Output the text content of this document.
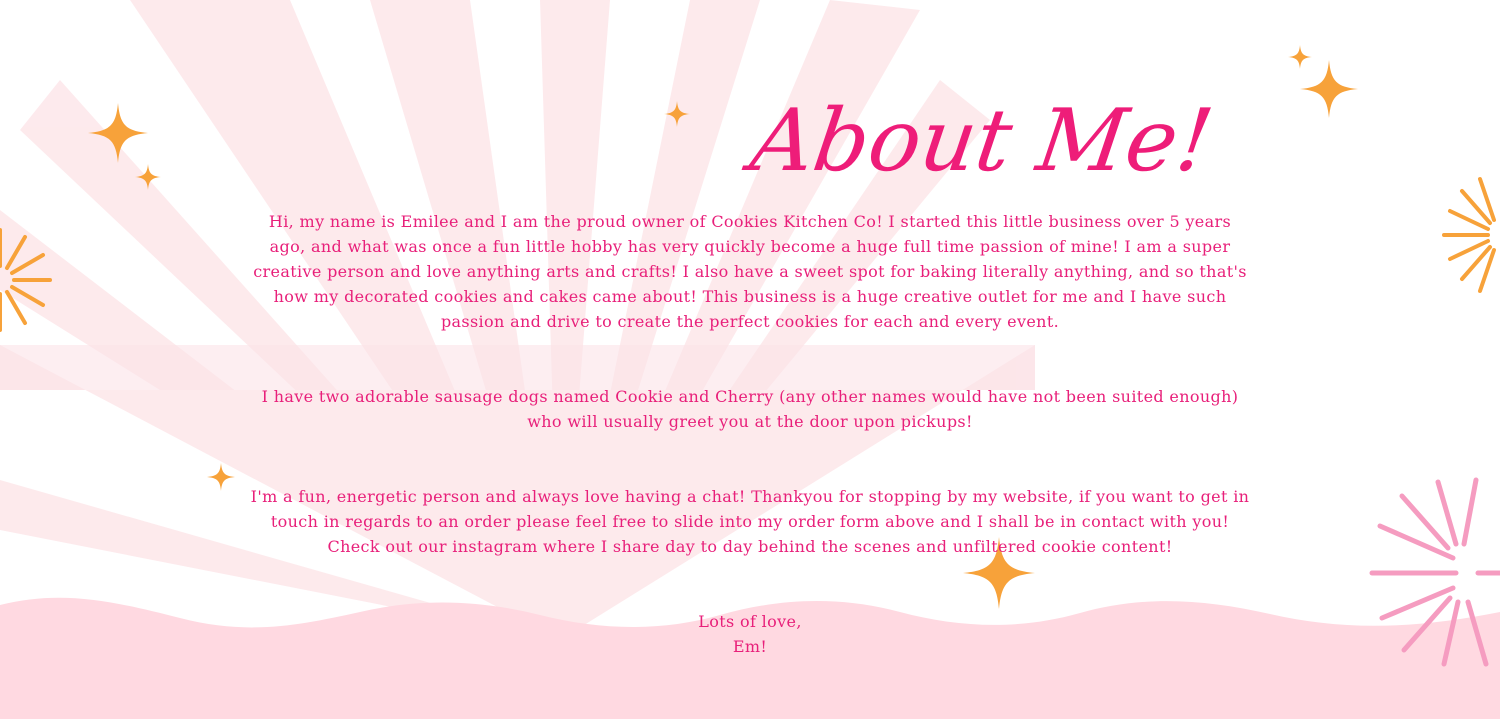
About Me!

Hi, my name is Emilee and I am the proud owner of Cookies Kitchen Co! I started this little business over 5 years ago, and what was once a fun little hobby has very quickly become a huge full time passion of mine! I am a super creative person and love anything arts and crafts! I also have a sweet spot for baking literally anything, and so that's how my decorated cookies and cakes came about! This business is a huge creative outlet for me and I have such passion and drive to create the perfect cookies for each and every event.

I have two adorable sausage dogs named Cookie and Cherry (any other names would have not been suited enough) who will usually greet you at the door upon pickups!

I'm a fun, energetic person and always love having a chat! Thankyou for stopping by my website, if you want to get in touch in regards to an order please feel free to slide into my order form above and I shall be in contact with you! Check out our instagram where I share day to day behind the scenes and unfiltered cookie content!

Lots of love,
Em!
